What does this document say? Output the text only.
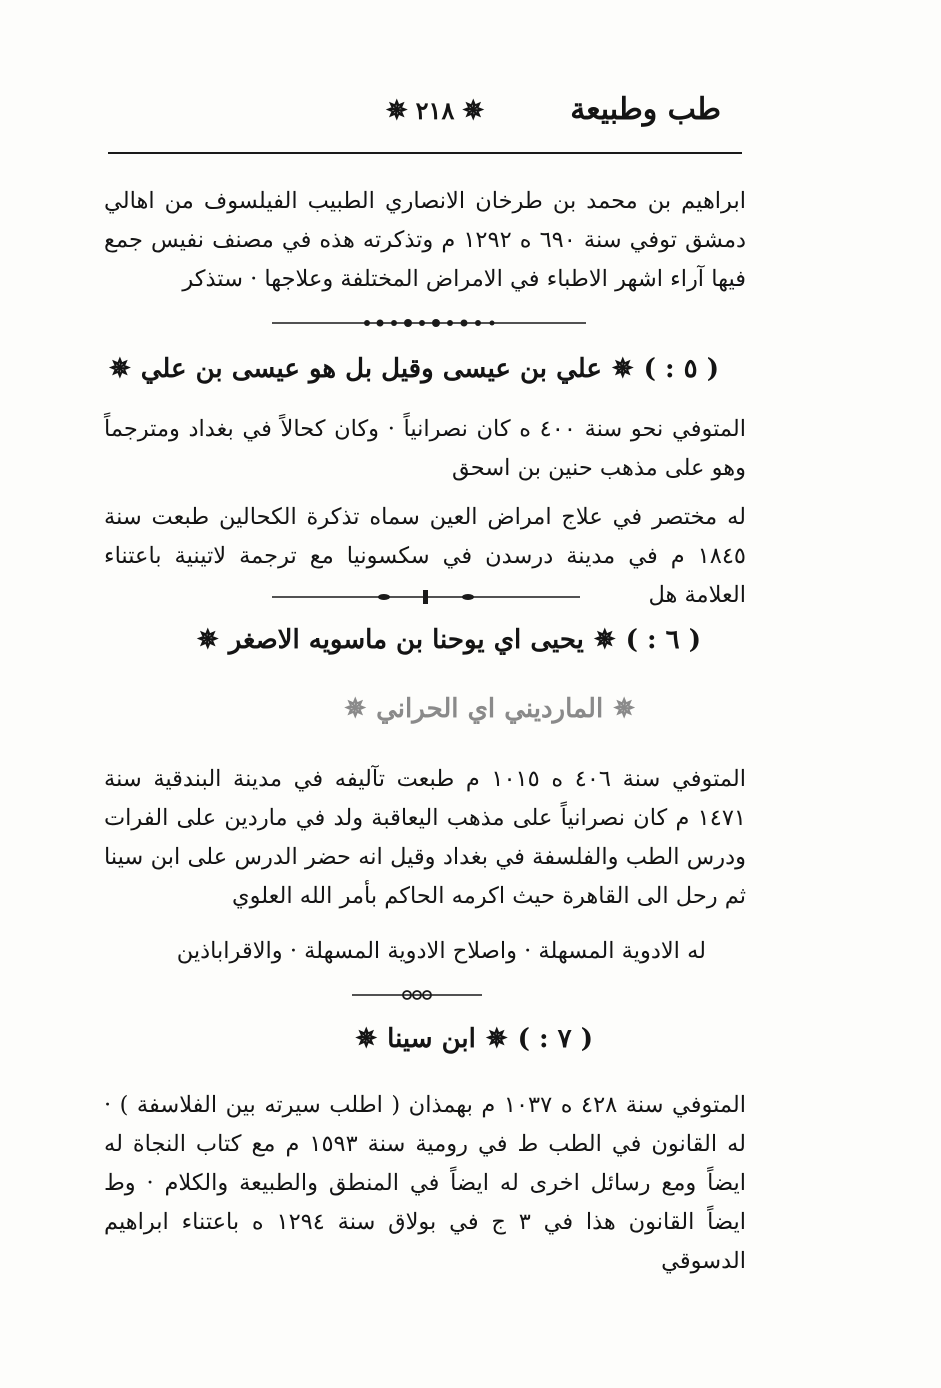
طب وطبيعة
✵ ٢١٨ ✵
ابراهيم بن محمد بن طرخان الانصاري الطبيب الفيلسوف من اهالي دمشق توفي سنة ٦٩٠ ه ١٢٩٢ م وتذكرته هذه في مصنف نفيس جمع فيها آراء اشهر الاطباء في الامراض المختلفة وعلاجها · ستذكر
( ٥ : )
✵
علي بن عيسى وقيل بل هو عيسى بن علي
✵
المتوفي نحو سنة ٤٠٠ ه كان نصرانياً · وكان كحالاً في بغداد ومترجماً وهو على مذهب حنين بن اسحق
له مختصر في علاج امراض العين سماه تذكرة الكحالين طبعت سنة ١٨٤٥ م في مدينة درسدن في سكسونيا مع ترجمة لاتينية باعتناء العلامة هل
( ٦ : )
✵
يحيى اي يوحنا بن ماسويه الاصغر
✵
✵
المارديني اي الحراني
✵
المتوفي سنة ٤٠٦ ه ١٠١٥ م طبعت تآليفه في مدينة البندقية سنة ١٤٧١ م كان نصرانياً على مذهب اليعاقبة ولد في ماردين على الفرات ودرس الطب والفلسفة في بغداد وقيل انه حضر الدرس على ابن سينا ثم رحل الى القاهرة حيث اكرمه الحاكم بأمر الله العلوي
له الادوية المسهلة · واصلاح الادوية المسهلة · والاقراباذين
( ٧ : )
✵
ابن سينا
✵
المتوفي سنة ٤٢٨ ه ١٠٣٧ م بهمذان ( اطلب سيرته بين الفلاسفة ) · له القانون في الطب ط في رومية سنة ١٥٩٣ م مع كتاب النجاة له ايضاً ومع رسائل اخرى له ايضاً في المنطق والطبيعة والكلام · وط ايضاً القانون هذا في ٣ ج في بولاق سنة ١٢٩٤ ه باعتناء ابراهيم الدسوقي
